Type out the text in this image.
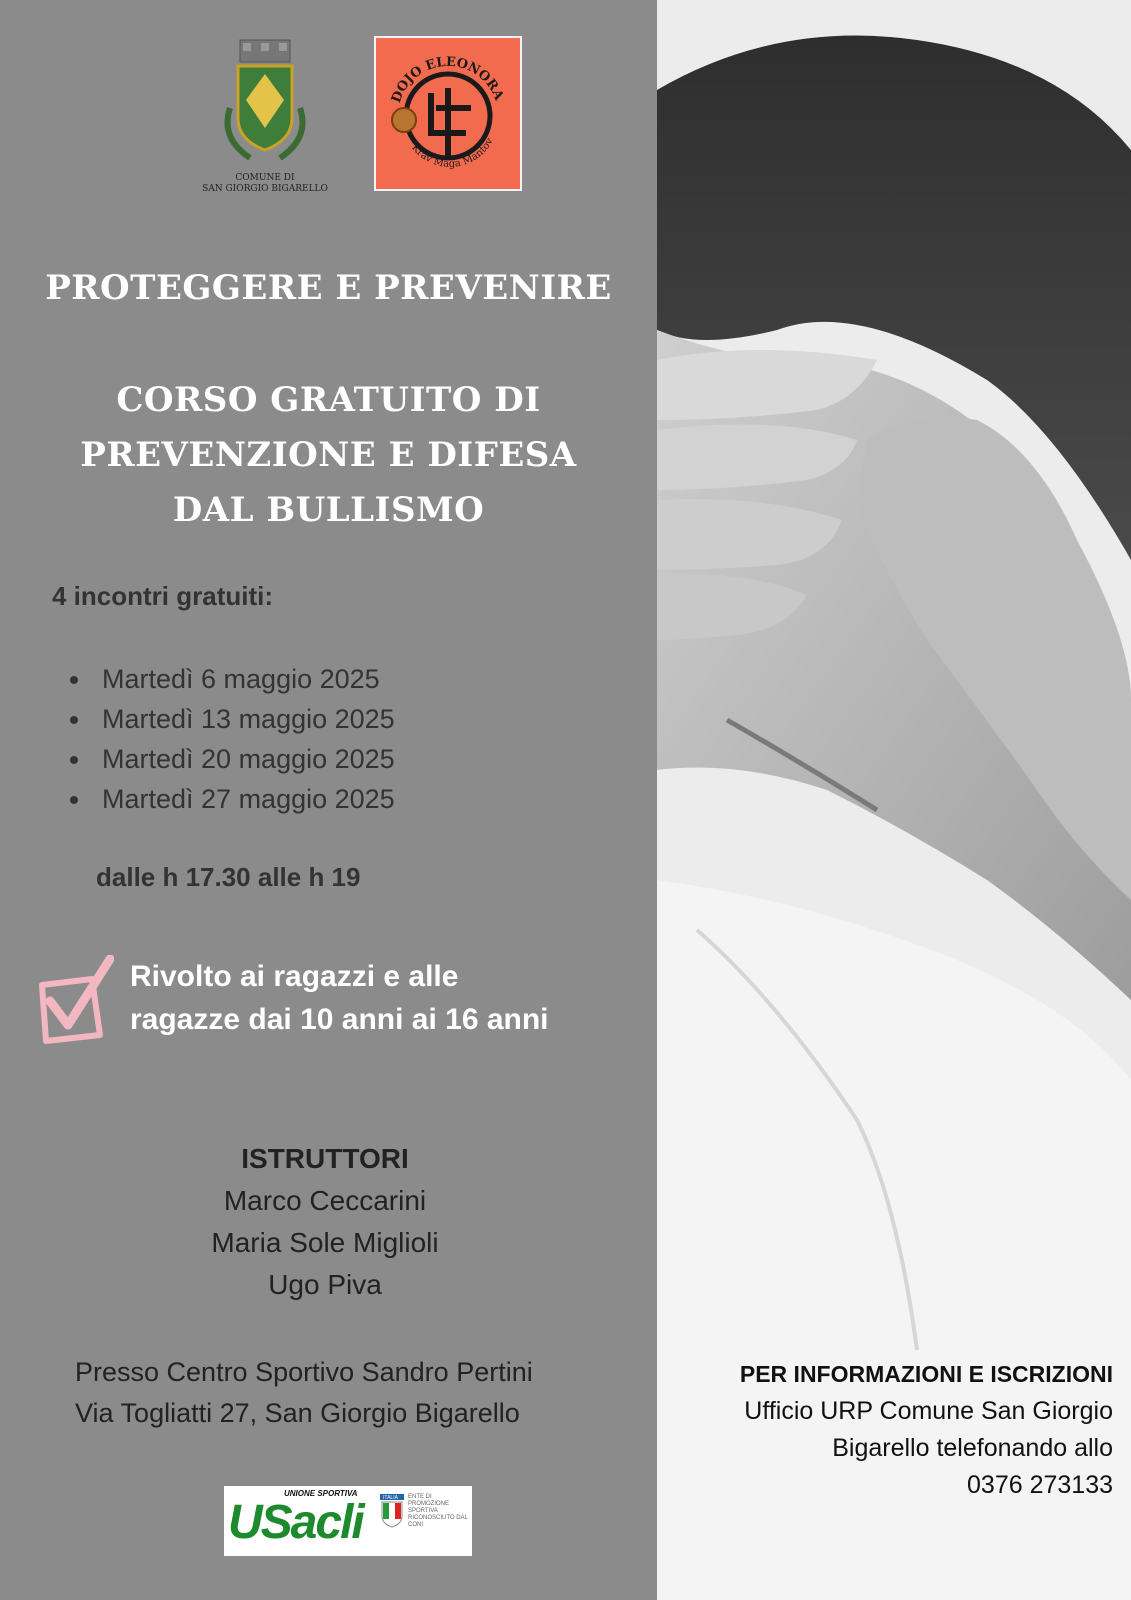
COMUNE DI
SAN GIORGIO BIGARELLO
DOJO ELEONORA
Krav Maga Mantov
PROTEGGERE E PREVENIRE
CORSO GRATUITO DI
PREVENZIONE E DIFESA
DAL BULLISMO
4 incontri gratuiti:
Martedì 6 maggio 2025
Martedì 13 maggio 2025
Martedì 20 maggio 2025
Martedì 27 maggio 2025
dalle h 17.30 alle h 19
Rivolto ai ragazzi e alle
ragazze dai 10 anni ai 16 anni
ISTRUTTORI
Marco Ceccarini
Maria Sole Miglioli
Ugo Piva
Presso Centro Sportivo Sandro Pertini
Via Togliatti 27, San Giorgio Bigarello
UNIONE SPORTIVA
USacli	ITALIA ENTE DI PROMOZIONE SPORTIVA RICONOSCIUTO DAL CONI
PER INFORMAZIONI E ISCRIZIONI
Ufficio URP Comune San Giorgio
Bigarello telefonando allo
0376 273133
